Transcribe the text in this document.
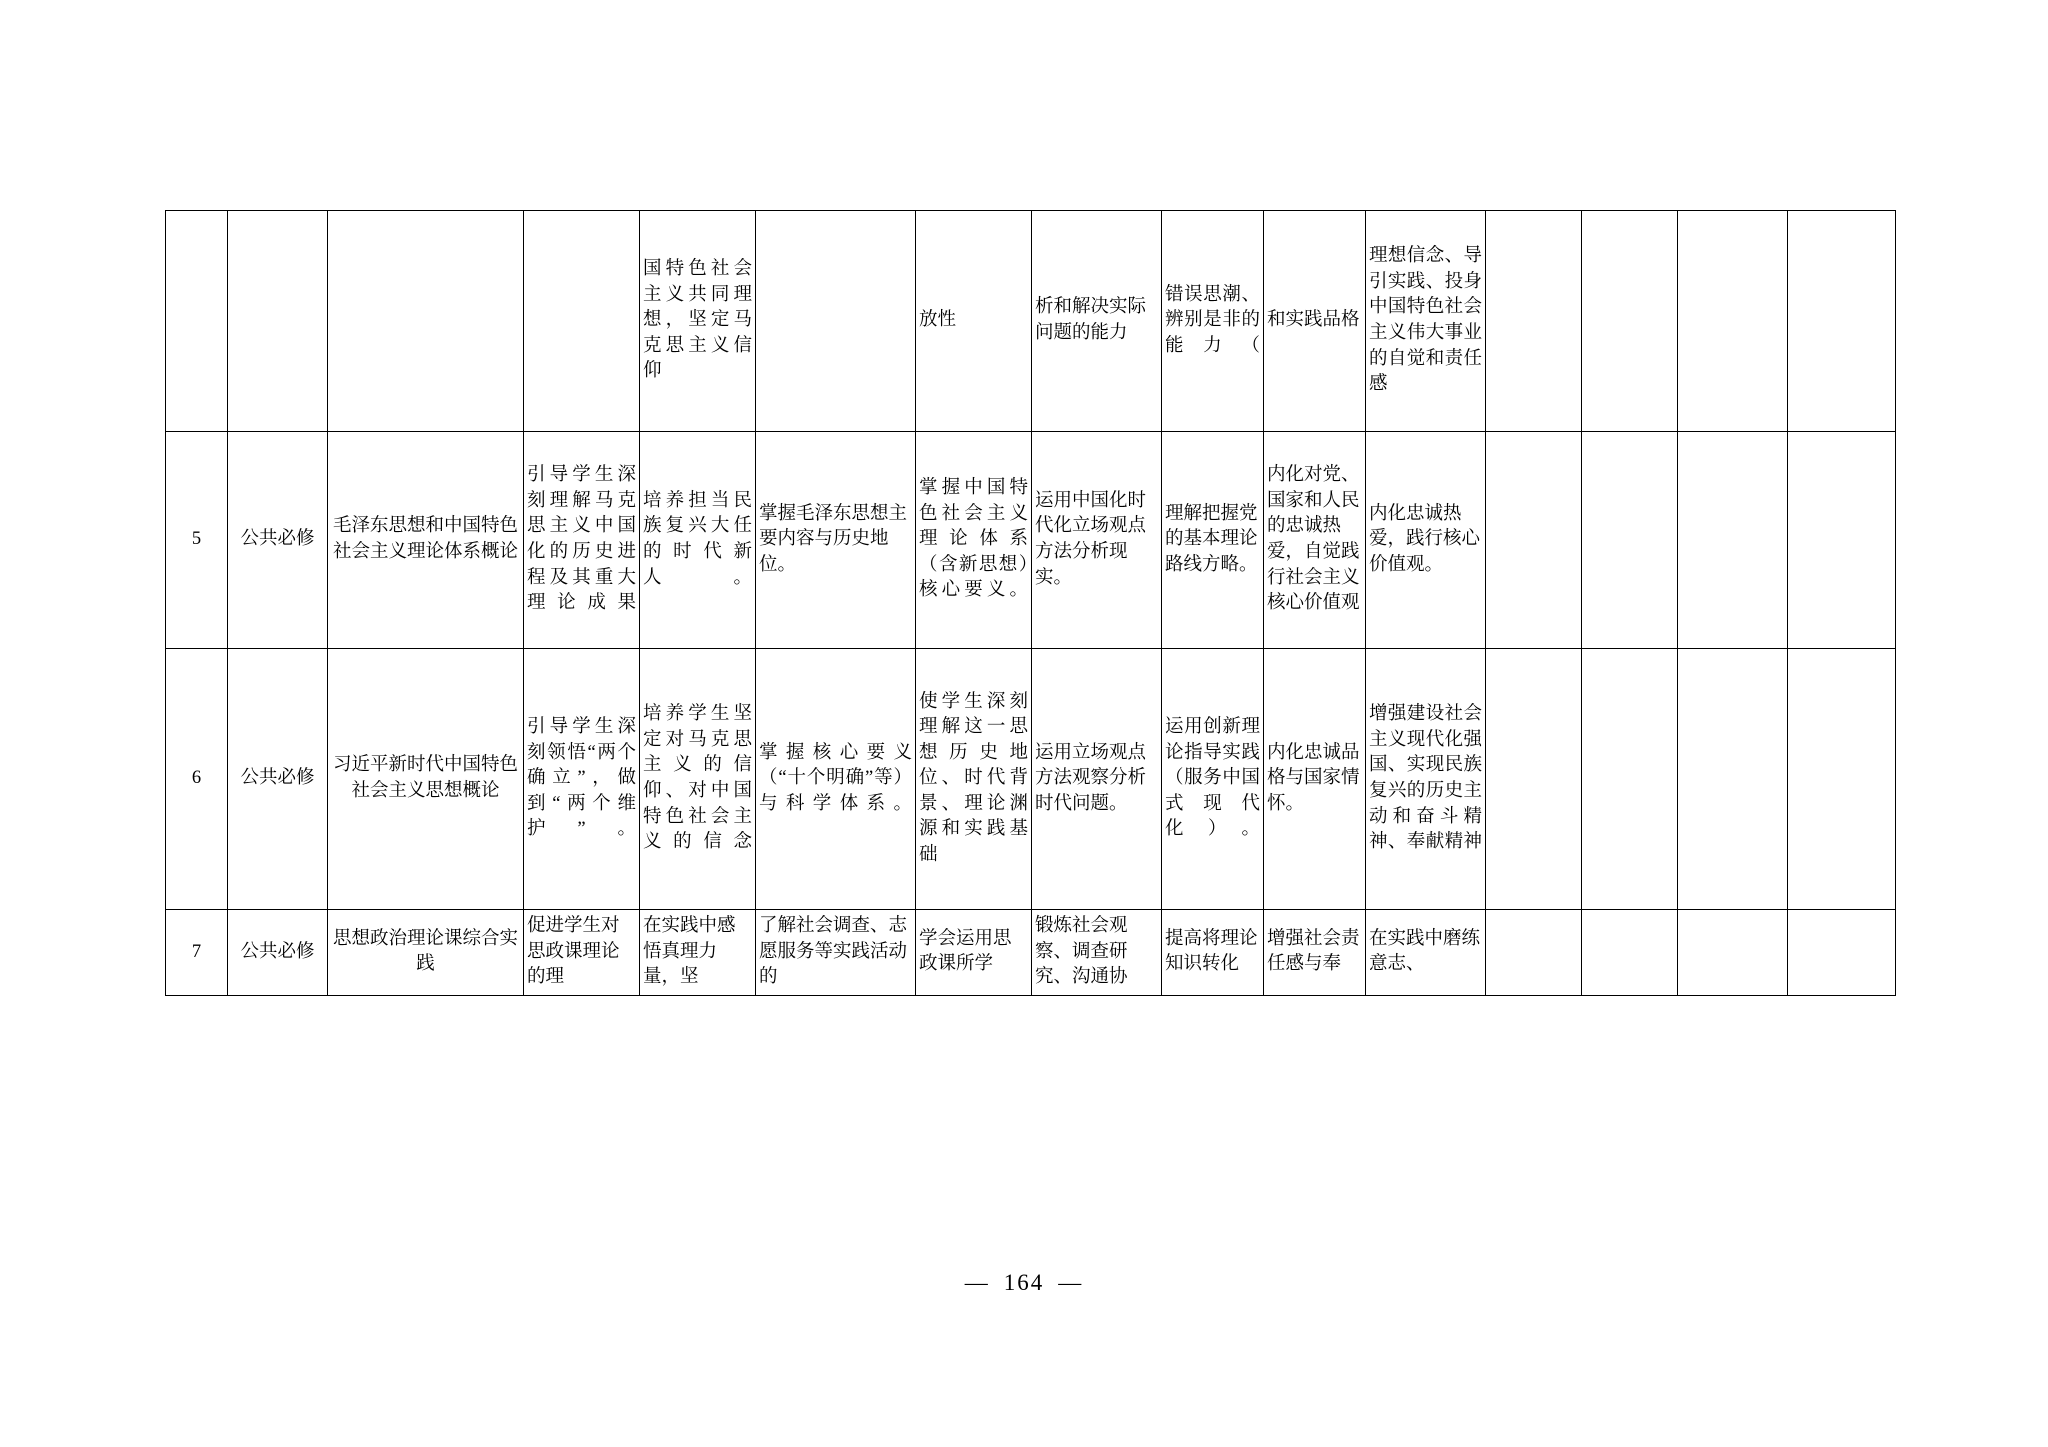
				国特色社会主义共同理想，坚定马克思主义信仰		放性	析和解决实际问题的能力	错误思潮、辨别是非的能力（	和实践品格	理想信念、导引实践、投身中国特色社会主义伟大事业的自觉和责任感				
5	公共必修	毛泽东思想和中国特色社会主义理论体系概论	引导学生深刻理解马克思主义中国化的历史进程及其重大理论成果	培养担当民族复兴大任的时代新人。	掌握毛泽东思想主要内容与历史地位。	掌握中国特色社会主义理论体系（含新思想）核心要义。	运用中国化时代化立场观点方法分析现实。	理解把握党的基本理论路线方略。	内化对党、国家和人民的忠诚热爱，自觉践行社会主义核心价值观	内化忠诚热爱，践行核心价值观。				
6	公共必修	习近平新时代中国特色社会主义思想概论	引导学生深刻领悟“两个确立”，做到“两个维护”。	培养学生坚定对马克思主义的信仰、对中国特色社会主义的信念	掌握核心要义（“十个明确”等）与科学体系。	使学生深刻理解这一思想历史地位、时代背景、理论渊源和实践基础	运用立场观点方法观察分析时代问题。	运用创新理论指导实践（服务中国式现代化）。	内化忠诚品格与国家情怀。	增强建设社会主义现代化强国、实现民族复兴的历史主动和奋斗精神、奉献精神				
7	公共必修	思想政治理论课综合实践	促进学生对思政课理论的理	在实践中感悟真理力量，坚	了解社会调查、志愿服务等实践活动的	学会运用思政课所学	锻炼社会观察、调查研究、沟通协	提高将理论知识转化	增强社会责任感与奉	在实践中磨练意志、				
— 164 —
